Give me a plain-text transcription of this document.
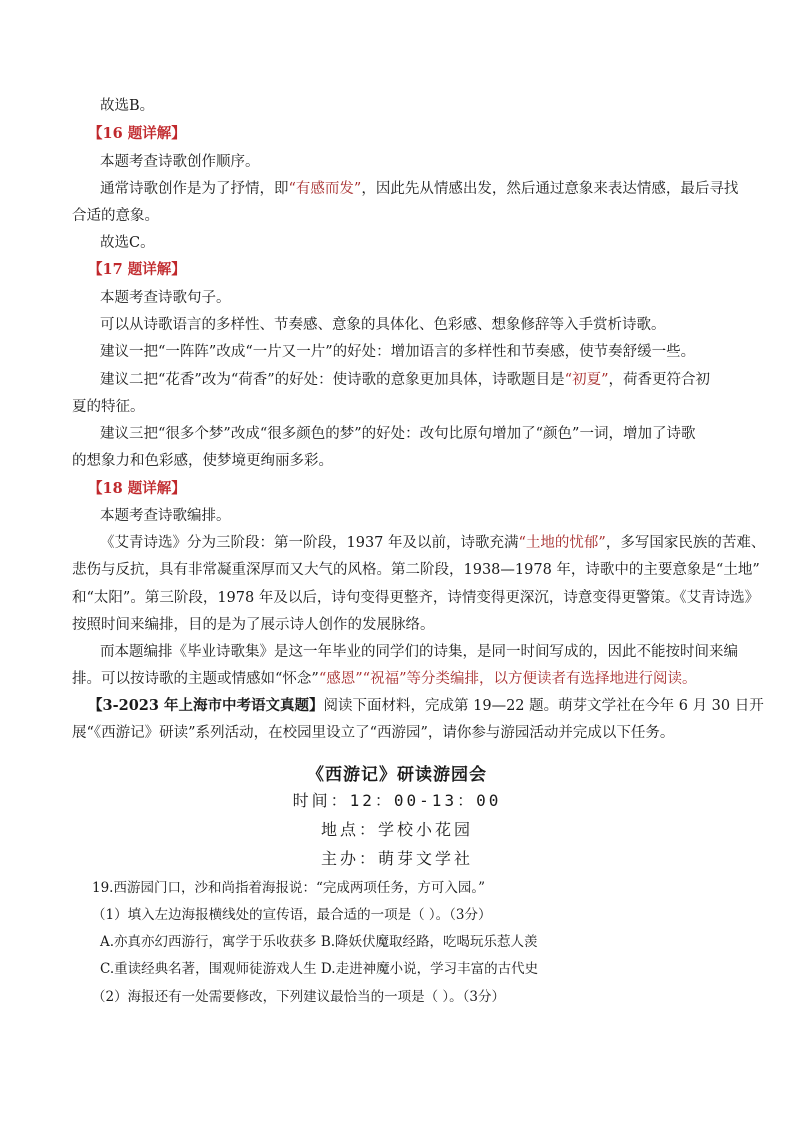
故选B。
【16 题详解】
本题考查诗歌创作顺序。
通常诗歌创作是为了抒情，即“有感而发”，因此先从情感出发，然后通过意象来表达情感，最后寻找
合适的意象。
故选C。
【17 题详解】
本题考查诗歌句子。
可以从诗歌语言的多样性、节奏感、意象的具体化、色彩感、想象修辞等入手赏析诗歌。
建议一把“一阵阵”改成“一片又一片”的好处：增加语言的多样性和节奏感，使节奏舒缓一些。
建议二把“花香”改为“荷香”的好处：使诗歌的意象更加具体，诗歌题目是“初夏”，荷香更符合初
夏的特征。
建议三把“很多个梦”改成“很多颜色的梦”的好处：改句比原句增加了“颜色”一词，增加了诗歌
的想象力和色彩感，使梦境更绚丽多彩。
【18 题详解】
本题考查诗歌编排。
《艾青诗选》分为三阶段：第一阶段，1937 年及以前，诗歌充满“土地的忧郁”，多写国家民族的苦难、
悲伤与反抗，具有非常凝重深厚而又大气的风格。第二阶段，1938—1978 年，诗歌中的主要意象是“土地”
和“太阳”。第三阶段，1978 年及以后，诗句变得更整齐，诗情变得更深沉，诗意变得更警策。《艾青诗选》
按照时间来编排，目的是为了展示诗人创作的发展脉络。
而本题编排《毕业诗歌集》是这一年毕业的同学们的诗集，是同一时间写成的，因此不能按时间来编
排。可以按诗歌的主题或情感如“怀念”“感恩”“祝福”等分类编排，以方便读者有选择地进行阅读。
【3-2023 年上海市中考语文真题】阅读下面材料，完成第 19—22 题。萌芽文学社在今年 6 月 30 日开
展“《西游记》研读”系列活动，在校园里设立了“西游园”，请你参与游园活动并完成以下任务。
《西游记》研读游园会
时间：12：00-13：00
地点：学校小花园
主办：萌芽文学社
19.西游园门口，沙和尚指着海报说：“完成两项任务，方可入园。”
（1）填入左边海报横线处的宣传语，最合适的一项是（ ）。（3分）
A.亦真亦幻西游行，寓学于乐收获多 B.降妖伏魔取经路，吃喝玩乐惹人羡
C.重读经典名著，围观师徒游戏人生 D.走进神魔小说，学习丰富的古代史
（2）海报还有一处需要修改，下列建议最恰当的一项是（ ）。（3分）
